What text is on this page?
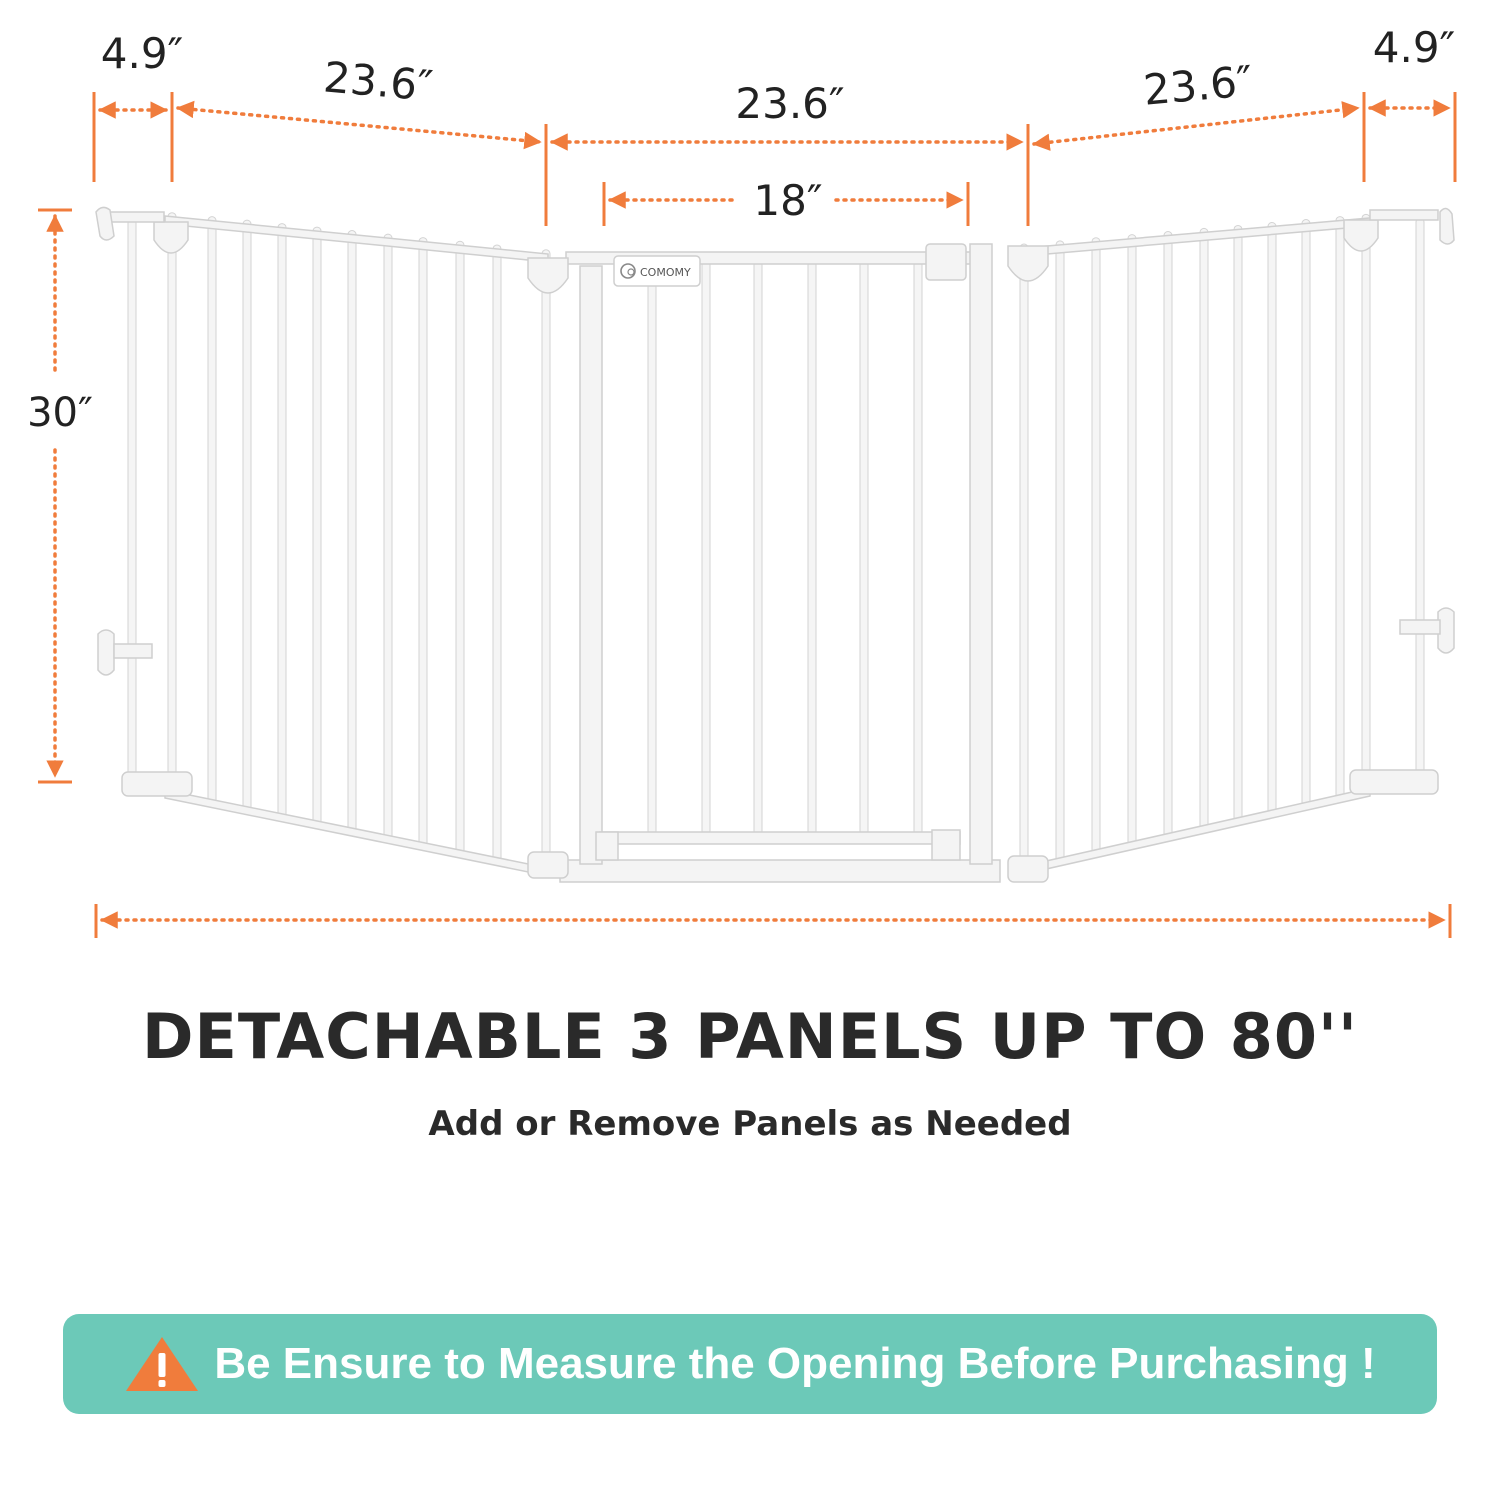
4.9″	23.6″	23.6″	23.6″
4.9″
18″
30″
COMOMY
DETACHABLE 3 PANELS UP TO 80''

Add or Remove Panels as Needed

Be Ensure to Measure the Opening Before Purchasing !
